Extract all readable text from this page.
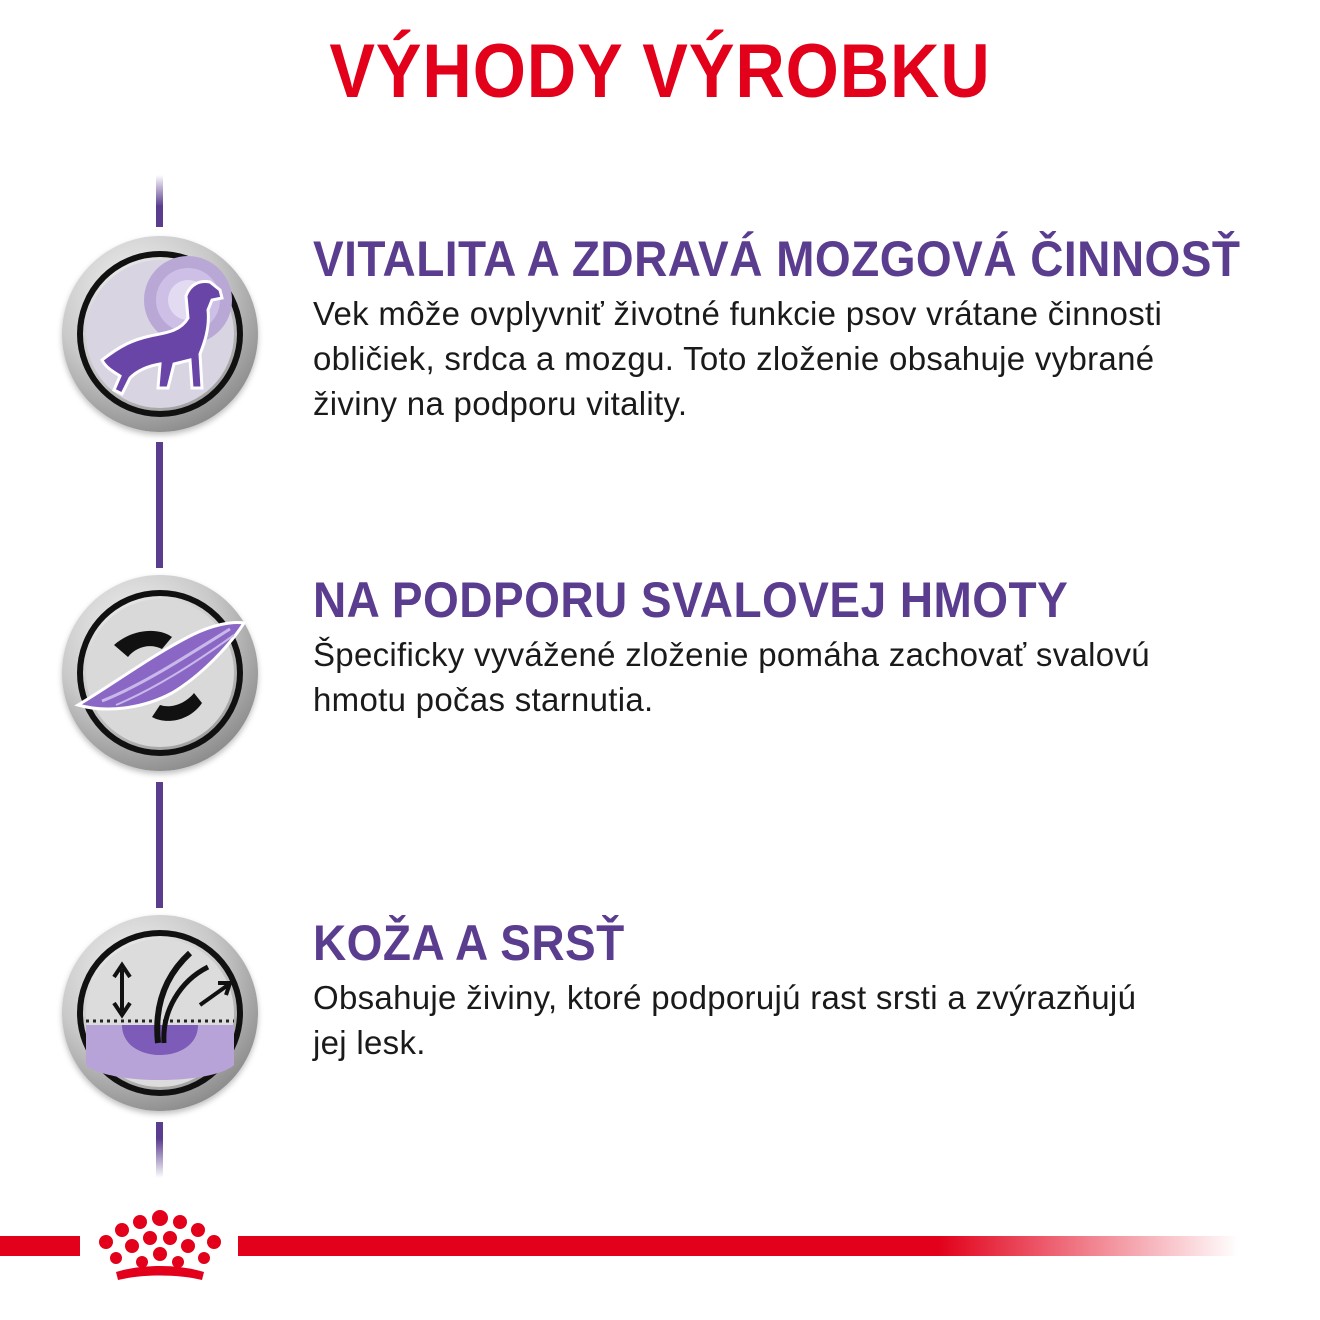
VÝHODY VÝROBKU
VITALITA A ZDRAVÁ MOZGOVÁ ČINNOSŤ
Vek môže ovplyvniť životné funkcie psov vrátane činnosti
obličiek, srdca a mozgu. Toto zloženie obsahuje vybrané
živiny na podporu vitality.
NA PODPORU SVALOVEJ HMOTY
Špecificky vyvážené zloženie pomáha zachovať svalovú
hmotu počas starnutia.
KOŽA A SRSŤ
Obsahuje živiny, ktoré podporujú rast srsti a zvýrazňujú
jej lesk.
